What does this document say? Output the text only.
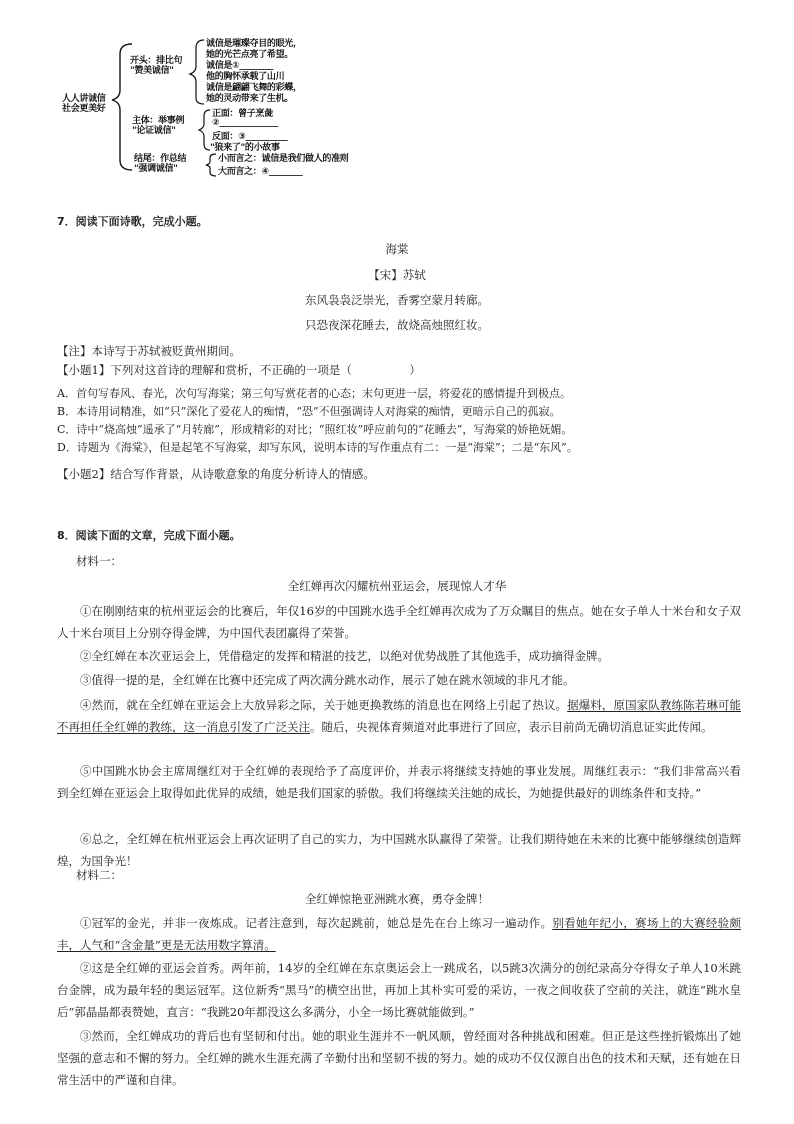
人人讲诚信
社会更美好
开头：排比句
"赞美诚信"
诚信是璀璨夺目的眼光，
她的光芒点亮了希望。
诚信是①________
他的胸怀承载了山川
诚信是翩翩飞舞的彩蝶，
她的灵动带来了生机。
主体：举事例
"论证诚信"
正面：曾子烹彘
②______________
反面：③__________
"狼来了"的小故事
结尾：作总结
"强调诚信"
小而言之：诚信是我们做人的准则
大而言之：④________
7．阅读下面诗歌，完成小题。
海棠
【宋】苏轼
东风袅袅泛崇光，香雾空蒙月转廊。
只恐夜深花睡去，故烧高烛照红妆。
【注】本诗写于苏轼被贬黄州期间。
【小题1】下列对这首诗的理解和赏析，不正确的一项是（　　　　　）
A．首句写春风、春光，次句写海棠；第三句写赏花者的心态；末句更进一层，将爱花的感情提升到极点。
B．本诗用词精准，如“只”深化了爱花人的痴情，“恐”不但强调诗人对海棠的痴情，更暗示自己的孤寂。
C．诗中“烧高烛”遥承了“月转廊”，形成精彩的对比；“照红妆”呼应前句的“花睡去”，写海棠的娇艳妩媚。
D．诗题为《海棠》，但是起笔不写海棠，却写东风，说明本诗的写作重点有二：一是“海棠”；二是“东风”。
【小题2】结合写作背景，从诗歌意象的角度分析诗人的情感。
8．阅读下面的文章，完成下面小题。
材料一：
全红婵再次闪耀杭州亚运会，展现惊人才华
①在刚刚结束的杭州亚运会的比赛后，年仅16岁的中国跳水选手全红婵再次成为了万众瞩目的焦点。她在女子单人十米台和女子双人十米台项目上分别夺得金牌，为中国代表团赢得了荣誉。
②全红婵在本次亚运会上，凭借稳定的发挥和精湛的技艺，以绝对优势战胜了其他选手，成功摘得金牌。
③值得一提的是，全红婵在比赛中还完成了两次满分跳水动作，展示了她在跳水领域的非凡才能。
④然而，就在全红婵在亚运会上大放异彩之际，关于她更换教练的消息也在网络上引起了热议。据爆料，原国家队教练陈若琳可能不再担任全红婵的教练，这一消息引发了广泛关注。随后，央视体育频道对此事进行了回应，表示目前尚无确切消息证实此传闻。
⑤中国跳水协会主席周继红对于全红婵的表现给予了高度评价，并表示将继续支持她的事业发展。周继红表示：“我们非常高兴看到全红婵在亚运会上取得如此优异的成绩，她是我们国家的骄傲。我们将继续关注她的成长，为她提供最好的训练条件和支持。”
⑥总之，全红婵在杭州亚运会上再次证明了自己的实力，为中国跳水队赢得了荣誉。让我们期待她在未来的比赛中能够继续创造辉煌，为国争光！
材料二：
全红婵惊艳亚洲跳水赛，勇夺金牌！
①冠军的金光，并非一夜炼成。记者注意到，每次起跳前，她总是先在台上练习一遍动作。别看她年纪小，赛场上的大赛经验颇丰，人气和“含金量”更是无法用数字算清。
②这是全红婵的亚运会首秀。两年前，14岁的全红婵在东京奥运会上一跳成名，以5跳3次满分的创纪录高分夺得女子单人10米跳台金牌，成为最年轻的奥运冠军。这位新秀“黑马”的横空出世，再加上其朴实可爱的采访，一夜之间收获了空前的关注，就连“跳水皇后”郭晶晶都表赞她，直言：“我跳20年都没这么多满分，小全一场比赛就能做到。”
③然而，全红婵成功的背后也有坚韧和付出。她的职业生涯并不一帆风顺，曾经面对各种挑战和困难。但正是这些挫折锻炼出了她坚强的意志和不懈的努力。全红婵的跳水生涯充满了辛勤付出和坚韧不拔的努力。她的成功不仅仅源自出色的技术和天赋，还有她在日常生活中的严谨和自律。
